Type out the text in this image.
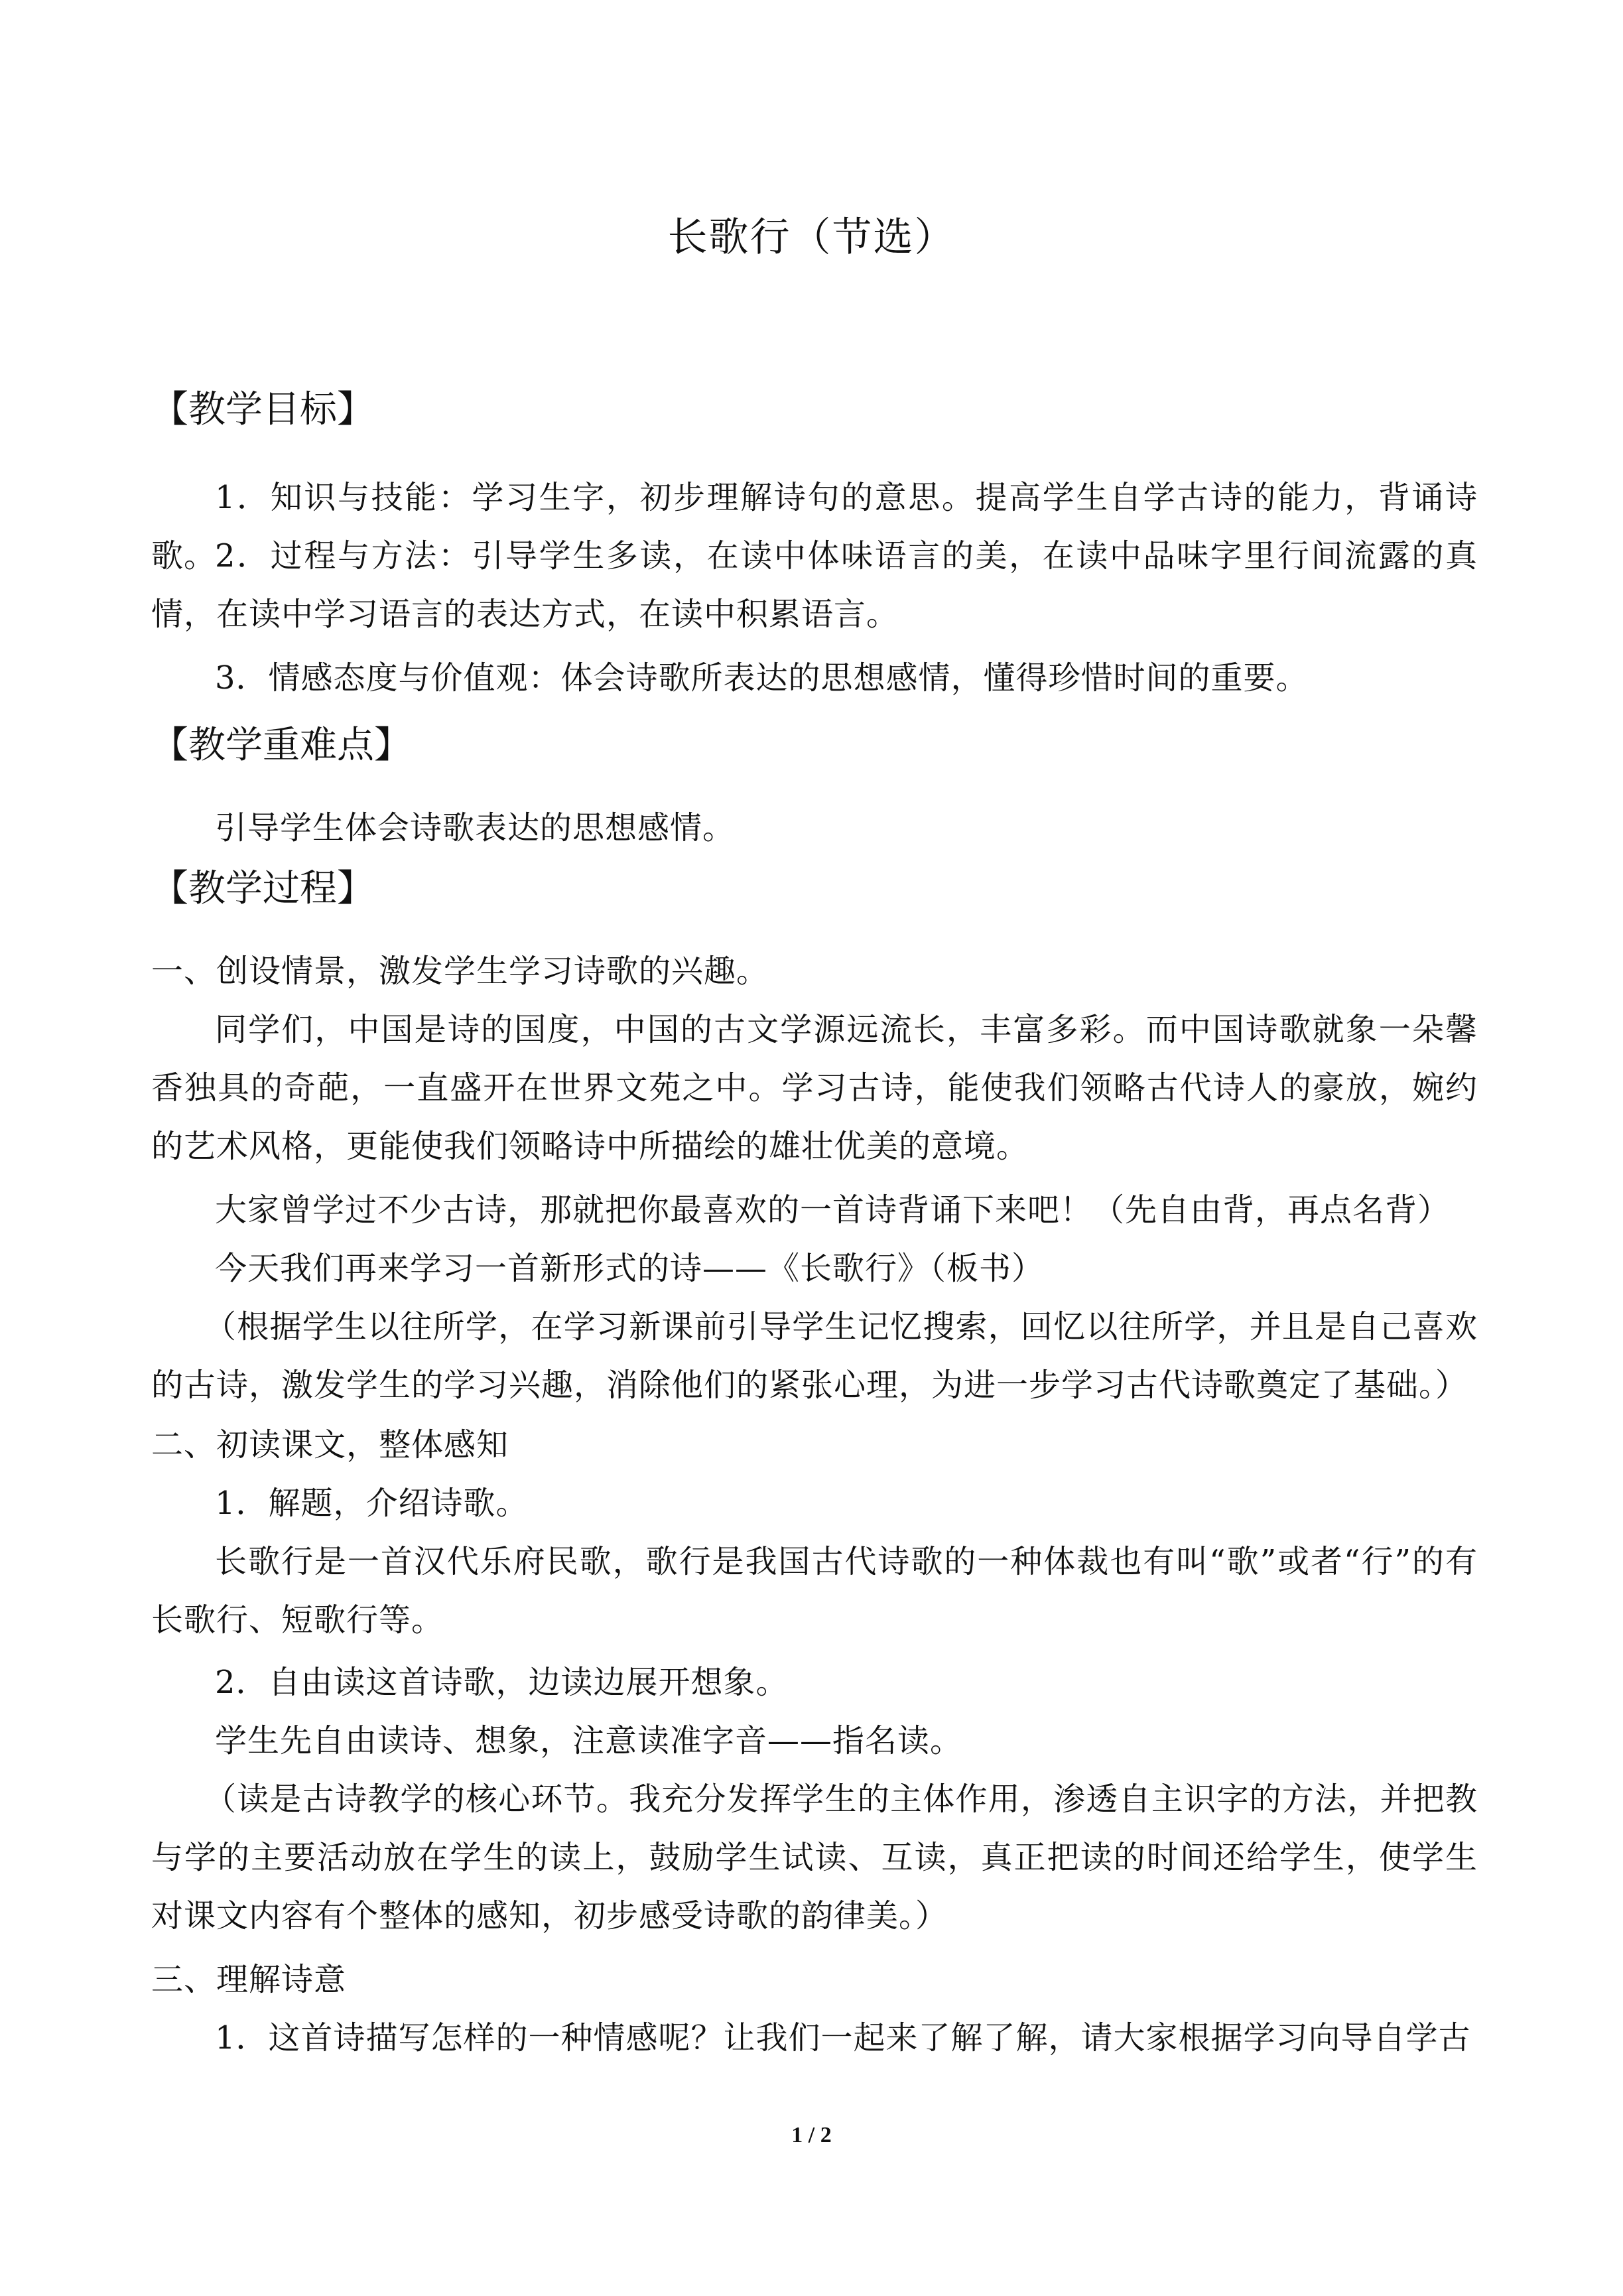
长歌行（节选）
【教学目标】
1．知识与技能：学习生字，初步理解诗句的意思。提高学生自学古诗的能力，背诵诗歌。
2．过程与方法：引导学生多读，在读中体味语言的美，在读中品味字里行间流露的真情，在读中学习语言的表达方式，在读中积累语言。
3．情感态度与价值观：体会诗歌所表达的思想感情，懂得珍惜时间的重要。
【教学重难点】
引导学生体会诗歌表达的思想感情。
【教学过程】
一、创设情景，激发学生学习诗歌的兴趣。
同学们，中国是诗的国度，中国的古文学源远流长，丰富多彩。而中国诗歌就象一朵馨香独具的奇葩，一直盛开在世界文苑之中。学习古诗，能使我们领略古代诗人的豪放，婉约的艺术风格，更能使我们领略诗中所描绘的雄壮优美的意境。
大家曾学过不少古诗，那就把你最喜欢的一首诗背诵下来吧！（先自由背，再点名背）
今天我们再来学习一首新形式的诗——《长歌行》（板书）
（根据学生以往所学，在学习新课前引导学生记忆搜索，回忆以往所学，并且是自己喜欢的古诗，激发学生的学习兴趣，消除他们的紧张心理，为进一步学习古代诗歌奠定了基础。）
二、初读课文，整体感知
1．解题，介绍诗歌。
长歌行是一首汉代乐府民歌，歌行是我国古代诗歌的一种体裁也有叫“歌”或者“行”的有长歌行、短歌行等。
2．自由读这首诗歌，边读边展开想象。
学生先自由读诗、想象，注意读准字音——指名读。
（读是古诗教学的核心环节。我充分发挥学生的主体作用，渗透自主识字的方法，并把教与学的主要活动放在学生的读上，鼓励学生试读、互读，真正把读的时间还给学生，使学生对课文内容有个整体的感知，初步感受诗歌的韵律美。）
三、理解诗意
1．这首诗描写怎样的一种情感呢？让我们一起来了解了解，请大家根据学习向导自学古
1 / 2
